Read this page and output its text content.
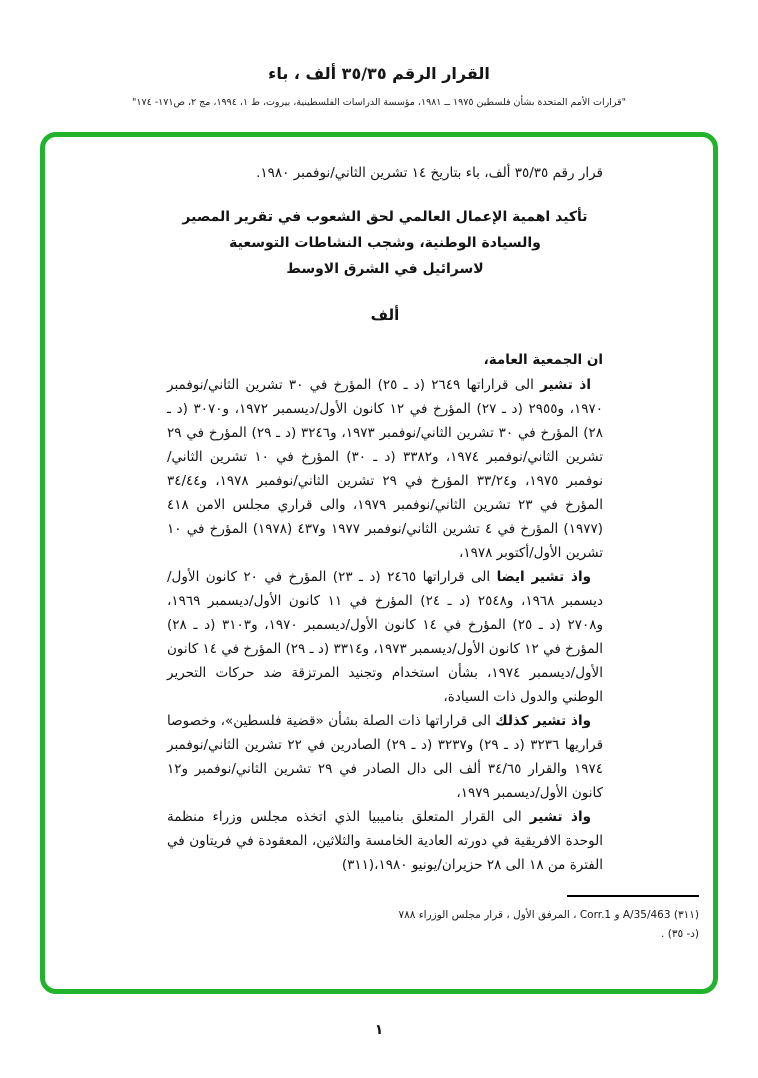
القرار الرقم ٣٥/٣٥ ألف ، باء
"قرارات الأمم المتحدة بشأن فلسطين ١٩٧٥ ــ ١٩٨١، مؤسسة الدراسات الفلسطينية، بيروت، ط ١، ١٩٩٤، مج ٢، ص١٧١- ١٧٤"

قرار رقم ٣٥/٣٥ ألف، باء بتاريخ ١٤ تشرين الثاني/نوفمبر ١٩٨٠.

تأكيد اهمية الإعمال العالمي لحق الشعوب في تقرير المصير
والسيادة الوطنية، وشجب النشاطات التوسعية
لاسرائيل في الشرق الاوسط
ألف

ان الجمعية العامة،

اذ تشير الى قراراتها ٢٦٤٩ (د ـ ٢٥) المؤرخ في ٣٠ تشرين الثاني/نوفمبر ١٩٧٠، و٢٩٥٥ (د ـ ٢٧) المؤرخ في ١٢ كانون الأول/ديسمبر ١٩٧٢، و٣٠٧٠ (د ـ ٢٨) المؤرخ في ٣٠ تشرين الثاني/نوفمبر ١٩٧٣، و٣٢٤٦ (د ـ ٢٩) المؤرخ في ٢٩ تشرين الثاني/نوفمبر ١٩٧٤، و٣٣٨٢ (د ـ ٣٠) المؤرخ في ١٠ تشرين الثاني/نوفمبر ١٩٧٥، و٣٣/٢٤ المؤرخ في ٢٩ تشرين الثاني/نوفمبر ١٩٧٨، و٣٤/٤٤ المؤرخ في ٢٣ تشرين الثاني/نوفمبر ١٩٧٩، والى قراري مجلس الامن ٤١٨ (١٩٧٧) المؤرخ في ٤ تشرين الثاني/نوفمبر ١٩٧٧ و٤٣٧ (١٩٧٨) المؤرخ في ١٠ تشرين الأول/أكتوبر ١٩٧٨،

واذ تشير ايضا الى قراراتها ٢٤٦٥ (د ـ ٢٣) المؤرخ في ٢٠ كانون الأول/ديسمبر ١٩٦٨، و٢٥٤٨ (د ـ ٢٤) المؤرخ في ١١ كانون الأول/ديسمبر ١٩٦٩، و٢٧٠٨ (د ـ ٢٥) المؤرخ في ١٤ كانون الأول/ديسمبر ١٩٧٠، و٣١٠٣ (د ـ ٢٨) المؤرخ في ١٢ كانون الأول/ديسمبر ١٩٧٣، و٣٣١٤ (د ـ ٢٩) المؤرخ في ١٤ كانون الأول/ديسمبر ١٩٧٤، بشأن استخدام وتجنيد المرتزقة ضد حركات التحرير الوطني والدول ذات السيادة،

واذ تشير كذلك الى قراراتها ذات الصلة بشأن «قضية فلسطين»، وخصوصا قراريها ٣٢٣٦ (د ـ ٢٩) و٣٢٣٧ (د ـ ٢٩) الصادرين في ٢٢ تشرين الثاني/نوفمبر ١٩٧٤ والقرار ٣٤/٦٥ ألف الى دال الصادر في ٢٩ تشرين الثاني/نوفمبر و١٢ كانون الأول/ديسمبر ١٩٧٩،

واذ تشير الى القرار المتعلق بناميبيا الذي اتخذه مجلس وزراء منظمة الوحدة الافريقية في دورته العادية الخامسة والثلاثين، المعقودة في فريتاون في الفترة من ١٨ الى ٢٨ حزيران/يونيو ١٩٨٠،(٣١١)

(٣١١) A/35/463 و Corr.1 ، المرفق الأول ، قرار مجلس الوزراء ٧٨٨
(د- ٣٥) .
١
